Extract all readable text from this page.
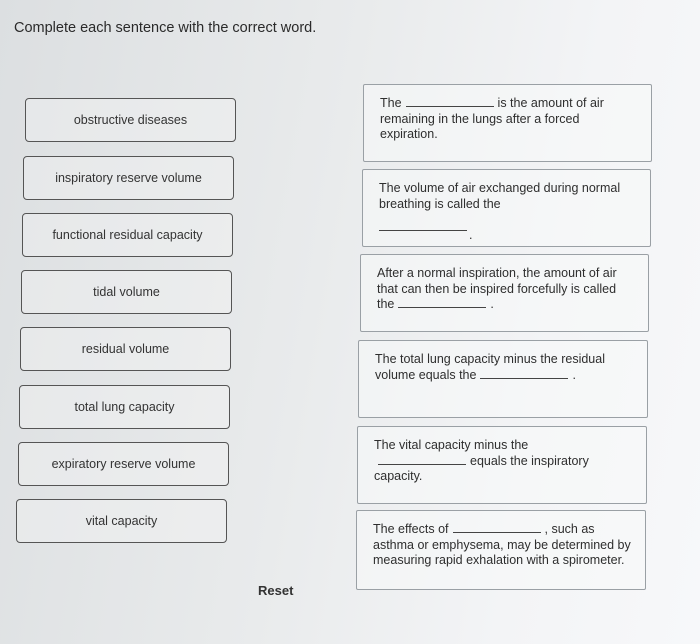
Complete each sentence with the correct word.
obstructive diseases
inspiratory reserve volume
functional residual capacity
tidal volume
residual volume
total lung capacity
expiratory reserve volume
vital capacity
The	is the amount of air remaining in the lungs after a forced expiration.
The volume of air exchanged during normal breathing is called the
.
After a normal inspiration, the amount of air that can then be inspired forcefully is called the	.
The total lung capacity minus the residual volume equals the	.
The vital capacity minus the
equals the inspiratory capacity.
The effects of	, such as asthma or emphysema, may be determined by measuring rapid exhalation with a spirometer.
Reset
